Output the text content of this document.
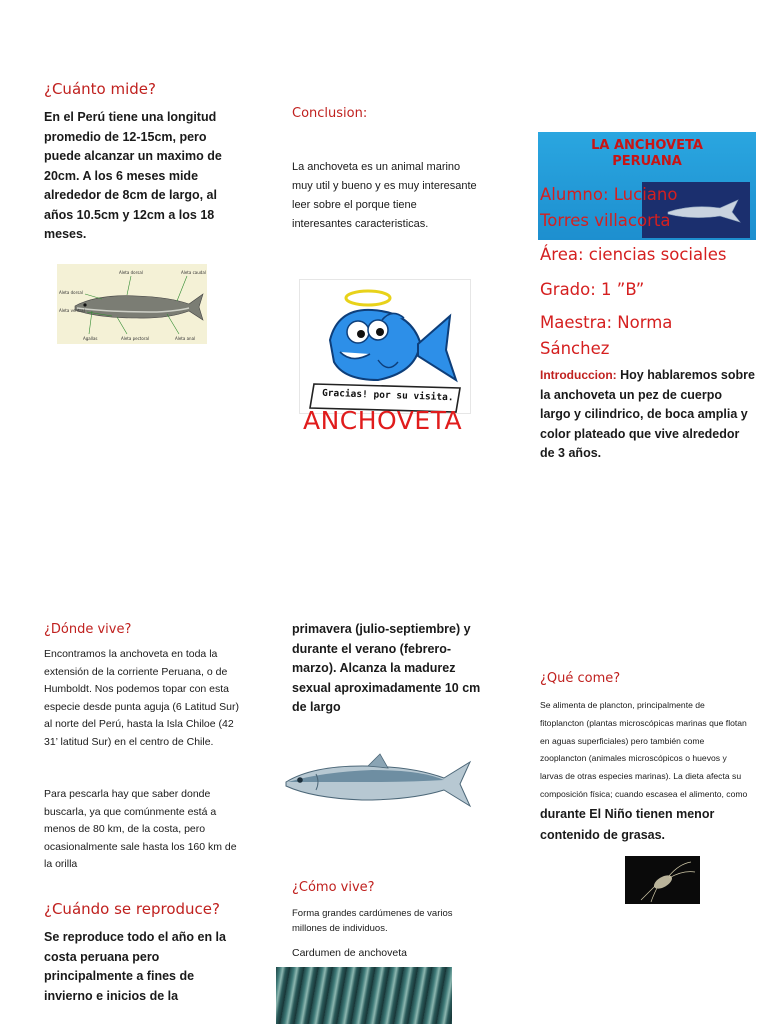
¿Cuánto mide?

En el Perú tiene una longitud promedio de 12-15cm, pero puede alcanzar un maximo de 20cm. A los 6 meses mide alrededor de 8cm de largo, al años 10.5cm y 12cm a los 18 meses.

Aleta dorsal	Aleta caudal
Aleta dorsal
Aleta ventral
Agallas	Aleta pectoral	Aleta anal
¿Dónde vive?

Encontramos la anchoveta en toda la extensión de la corriente Peruana, o de Humboldt. Nos podemos topar con esta especie desde punta aguja (6 Latitud Sur) al norte del Perú, hasta la Isla Chiloe (42 31’ latitud Sur) en el centro de Chile.

Para pescarla hay que saber donde buscarla, ya que comúnmente está a menos de 80 km, de la costa, pero ocasionalmente sale hasta los 160 km de la orilla

¿Cuándo se reproduce?

Se reproduce todo el año en la costa peruana pero principalmente a fines de invierno e inicios de la

Conclusion:

La anchoveta es un animal marino muy util y bueno y es muy interesante leer sobre el porque tiene interesantes caracteristicas.

Gracias! por su visita.
ANCHOVETA

primavera (julio-septiembre) y durante el verano (febrero-marzo). Alcanza la madurez sexual aproximadamente 10 cm de largo

¿Cómo vive?

Forma grandes cardúmenes de varios millones de individuos.

Cardumen de anchoveta
LA ANCHOVETA
PERUANA
Alumno: Luciano
Torres villacorta
Área: ciencias sociales
Grado: 1 ”B”
Maestra: Norma
Sánchez

Introduccion: Hoy hablaremos sobre la anchoveta un pez de cuerpo largo y cilindrico, de boca amplia y color plateado que vive alrededor de 3 años.

¿Qué come?

Se alimenta de plancton, principalmente de fitoplancton (plantas microscópicas marinas que flotan en aguas superficiales) pero también come zooplancton (animales microscópicos o huevos y larvas de otras especies marinas). La dieta afecta su composición física; cuando escasea el alimento, como durante El Niño tienen menor contenido de grasas.
